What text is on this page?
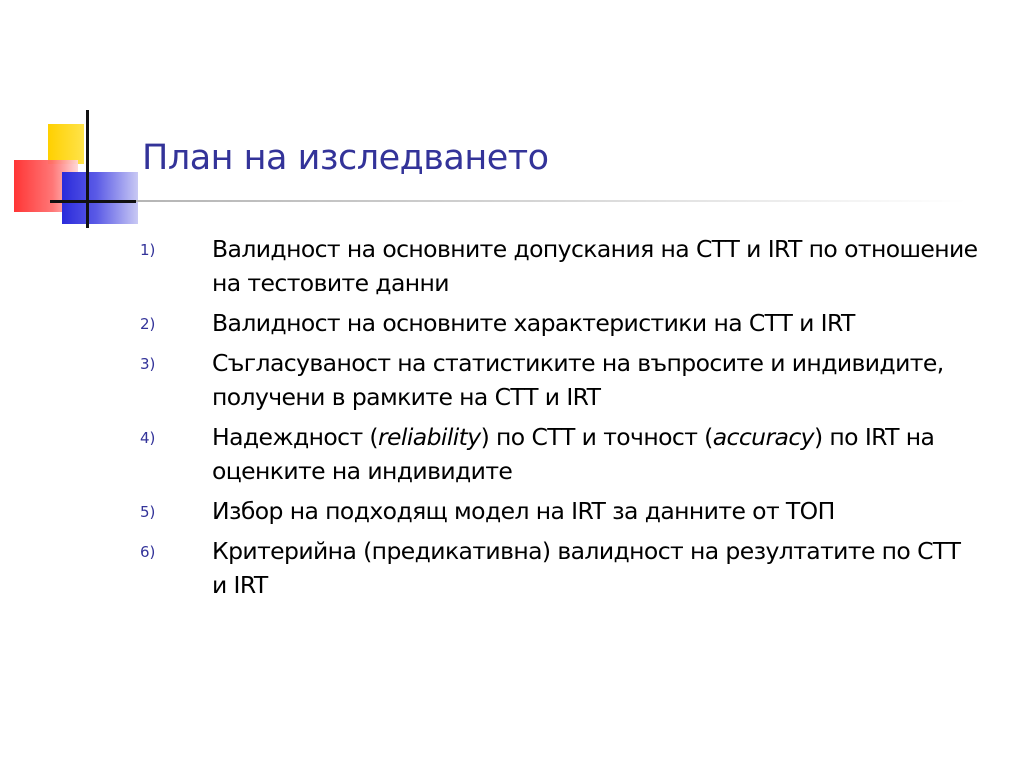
План на изследването
1)	Валидност на основните допускания на СТТ и IRT по отношение на тестовите данни
2)	Валидност на основните характеристики на СТТ и IRT
3)	Съгласуваност на статистиките на въпросите и индивидите, получени в рамките на СТТ и IRT
4)	Надеждност (reliability) по СТТ и точност (accuracy) по IRT на оценките на индивидите
5)	Избор на подходящ модел на IRT за данните от ТОП
6)	Критерийна (предикативна) валидност на резултатите по СТТ и IRT
